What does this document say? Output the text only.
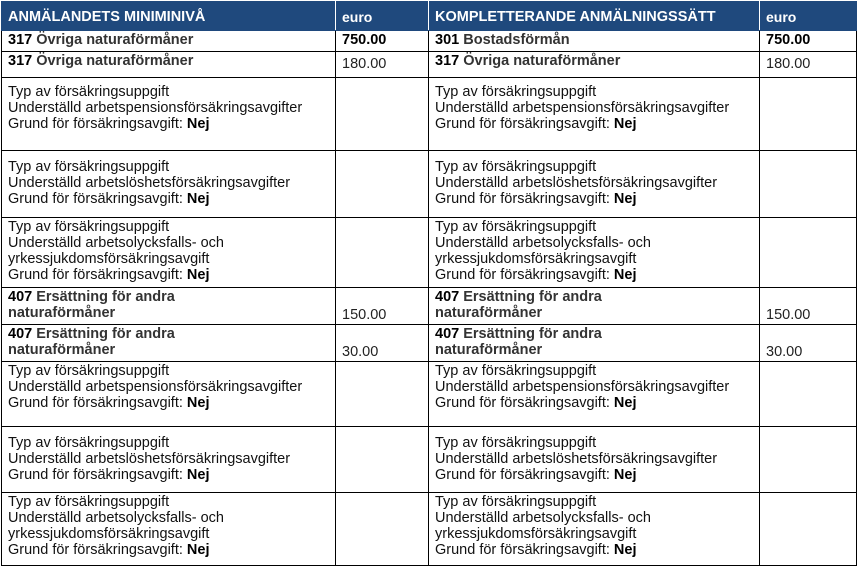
ANMÄLANDETS MINIMINIVÅ	euro	KOMPLETTERANDE ANMÄLNINGSSÄTT	euro
317 Övriga naturaförmåner	750.00	301 Bostadsförmån	750.00
317 Övriga naturaförmåner	180.00	317 Övriga naturaförmåner	180.00

Typ av försäkringsuppgift
Underställd arbetspensionsförsäkringsavgifter
Grund för försäkringsavgift: Nej		Typ av försäkringsuppgift
Underställd arbetspensionsförsäkringsavgifter
Grund för försäkringsavgift: Nej	

Typ av försäkringsuppgift
Underställd arbetslöshetsförsäkringsavgifter
Grund för försäkringsavgift: Nej		Typ av försäkringsuppgift
Underställd arbetslöshetsförsäkringsavgifter
Grund för försäkringsavgift: Nej	

Typ av försäkringsuppgift
Underställd arbetsolycksfalls- och
yrkessjukdomsförsäkringsavgift
Grund för försäkringsavgift: Nej		Typ av försäkringsuppgift
Underställd arbetsolycksfalls- och
yrkessjukdomsförsäkringsavgift
Grund för försäkringsavgift: Nej	

407 Ersättning för andra
naturaförmåner	150.00	407 Ersättning för andra
naturaförmåner	150.00

407 Ersättning för andra
naturaförmåner	30.00	407 Ersättning för andra
naturaförmåner	30.00

Typ av försäkringsuppgift
Underställd arbetspensionsförsäkringsavgifter
Grund för försäkringsavgift: Nej		Typ av försäkringsuppgift
Underställd arbetspensionsförsäkringsavgifter
Grund för försäkringsavgift: Nej	

Typ av försäkringsuppgift
Underställd arbetslöshetsförsäkringsavgifter
Grund för försäkringsavgift: Nej		Typ av försäkringsuppgift
Underställd arbetslöshetsförsäkringsavgifter
Grund för försäkringsavgift: Nej	

Typ av försäkringsuppgift
Underställd arbetsolycksfalls- och
yrkessjukdomsförsäkringsavgift
Grund för försäkringsavgift: Nej		Typ av försäkringsuppgift
Underställd arbetsolycksfalls- och
yrkessjukdomsförsäkringsavgift
Grund för försäkringsavgift: Nej	
